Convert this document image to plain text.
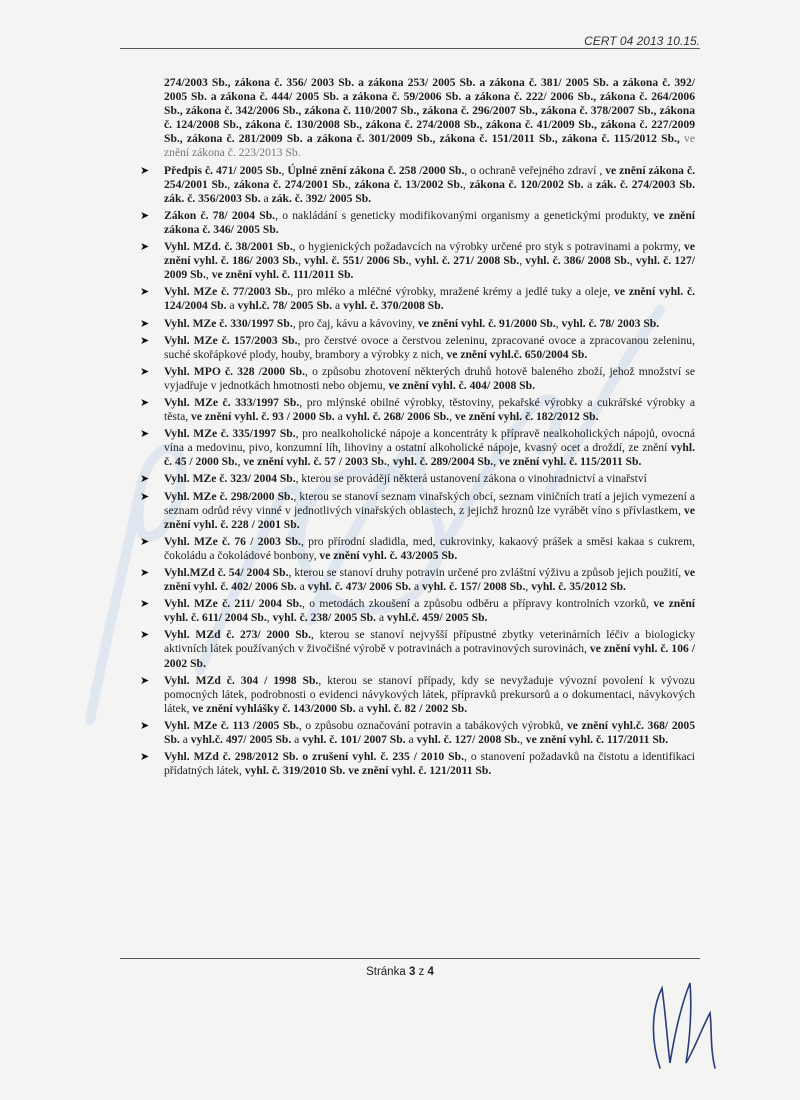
CERT 04 2013 10.15.

274/2003 Sb., zákona č. 356/ 2003 Sb. a zákona 253/ 2005 Sb. a zákona č. 381/ 2005 Sb. a zákona č. 392/ 2005 Sb. a zákona č. 444/ 2005 Sb. a zákona č. 59/2006 Sb. a zákona č. 222/ 2006 Sb., zákona č. 264/2006 Sb., zákona č. 342/2006 Sb., zákona č. 110/2007 Sb., zákona č. 296/2007 Sb., zákona č. 378/2007 Sb., zákona č. 124/2008 Sb., zákona č. 130/2008 Sb., zákona č. 274/2008 Sb., zákona č. 41/2009 Sb., zákona č. 227/2009 Sb., zákona č. 281/2009 Sb. a zákona č. 301/2009 Sb., zákona č. 151/2011 Sb., zákona č. 115/2012 Sb., ve znění zákona č. 223/2013 Sb.

➤ Předpis č. 471/ 2005 Sb., Úplné znění zákona č. 258 /2000 Sb., o ochraně veřejného zdraví , ve znění zákona č. 254/2001 Sb., zákona č. 274/2001 Sb., zákona č. 13/2002 Sb., zákona č. 120/2002 Sb. a zák. č. 274/2003 Sb. zák. č. 356/2003 Sb. a zák. č. 392/ 2005 Sb.
➤ Zákon č. 78/ 2004 Sb., o nakládání s geneticky modifikovanými organismy a genetickými produkty, ve znění zákona č. 346/ 2005 Sb.
➤ Vyhl. MZd. č. 38/2001 Sb., o hygienických požadavcích na výrobky určené pro styk s potravinami a pokrmy, ve znění vyhl. č. 186/ 2003 Sb., vyhl. č. 551/ 2006 Sb., vyhl. č. 271/ 2008 Sb., vyhl. č. 386/ 2008 Sb., vyhl. č. 127/ 2009 Sb., ve znění vyhl. č. 111/2011 Sb.
➤ Vyhl. MZe č. 77/2003 Sb., pro mléko a mléčné výrobky, mražené krémy a jedlé tuky a oleje, ve znění vyhl. č. 124/2004 Sb. a vyhl.č. 78/ 2005 Sb. a vyhl. č. 370/2008 Sb.
➤ Vyhl. MZe č. 330/1997 Sb., pro čaj, kávu a kávoviny, ve znění vyhl. č. 91/2000 Sb., vyhl. č. 78/ 2003 Sb.
➤ Vyhl. MZe č. 157/2003 Sb., pro čerstvé ovoce a čerstvou zeleninu, zpracované ovoce a zpracovanou zeleninu, suché skořápkové plody, houby, brambory a výrobky z nich, ve znění vyhl.č. 650/2004 Sb.
➤ Vyhl. MPO č. 328 /2000 Sb., o způsobu zhotovení některých druhů hotově baleného zboží, jehož množství se vyjadřuje v jednotkách hmotnosti nebo objemu, ve znění vyhl. č. 404/ 2008 Sb.
➤ Vyhl. MZe č. 333/1997 Sb., pro mlýnské obilné výrobky, těstoviny, pekařské výrobky a cukrářské výrobky a těsta, ve znění vyhl. č. 93 / 2000 Sb. a vyhl. č. 268/ 2006 Sb., ve znění vyhl. č. 182/2012 Sb.
➤ Vyhl. MZe č. 335/1997 Sb., pro nealkoholické nápoje a koncentráty k přípravě nealkoholických nápojů, ovocná vína a medovinu, pivo, konzumní líh, lihoviny a ostatní alkoholické nápoje, kvasný ocet a droždí, ze znění vyhl. č. 45 / 2000 Sb., ve znění vyhl. č. 57 / 2003 Sb., vyhl. č. 289/2004 Sb., ve znění vyhl. č. 115/2011 Sb.
➤ Vyhl. MZe č. 323/ 2004 Sb., kterou se provádějí některá ustanovení zákona o vinohradnictví a vinařství
➤ Vyhl. MZe č. 298/2000 Sb., kterou se stanoví seznam vinařských obcí, seznam viničních tratí a jejich vymezení a seznam odrůd révy vinné v jednotlivých vinařských oblastech, z jejichž hroznů lze vyrábět víno s přívlastkem, ve znění vyhl. č. 228 / 2001 Sb.
➤ Vyhl. MZe č. 76 / 2003 Sb., pro přírodní sladidla, med, cukrovinky, kakaový prášek a směsi kakaa s cukrem, čokoládu a čokoládové bonbony, ve znění vyhl. č. 43/2005 Sb.
➤ Vyhl.MZd č. 54/ 2004 Sb., kterou se stanoví druhy potravin určené pro zvláštní výživu a způsob jejich použití, ve znění vyhl. č. 402/ 2006 Sb. a vyhl. č. 473/ 2006 Sb. a vyhl. č. 157/ 2008 Sb., vyhl. č. 35/2012 Sb.
➤ Vyhl. MZe č. 211/ 2004 Sb., o metodách zkoušení a způsobu odběru a přípravy kontrolních vzorků, ve znění vyhl. č. 611/ 2004 Sb., vyhl. č. 238/ 2005 Sb. a vyhl.č. 459/ 2005 Sb.
➤ Vyhl. MZd č. 273/ 2000 Sb., kterou se stanoví nejvyšší přípustné zbytky veterinárních léčiv a biologicky aktivních látek používaných v živočišné výrobě v potravinách a potravinových surovinách, ve znění vyhl. č. 106 / 2002 Sb.
➤ Vyhl. MZd č. 304 / 1998 Sb., kterou se stanoví případy, kdy se nevyžaduje vývozní povolení k vývozu pomocných látek, podrobnosti o evidenci návykových látek, přípravků prekursorů a o dokumentaci, návykových látek, ve znění vyhlášky č. 143/2000 Sb. a vyhl. č. 82 / 2002 Sb.
➤ Vyhl. MZe č. 113 /2005 Sb., o způsobu označování potravin a tabákových výrobků, ve znění vyhl.č. 368/ 2005 Sb. a vyhl.č. 497/ 2005 Sb. a vyhl. č. 101/ 2007 Sb. a vyhl. č. 127/ 2008 Sb., ve znění vyhl. č. 117/2011 Sb.
➤ Vyhl. MZd č. 298/2012 Sb. o zrušení vyhl. č. 235 / 2010 Sb., o stanovení požadavků na čistotu a identifikaci přídatných látek, vyhl. č. 319/2010 Sb. ve znění vyhl. č. 121/2011 Sb.
Stránka 3 z 4
